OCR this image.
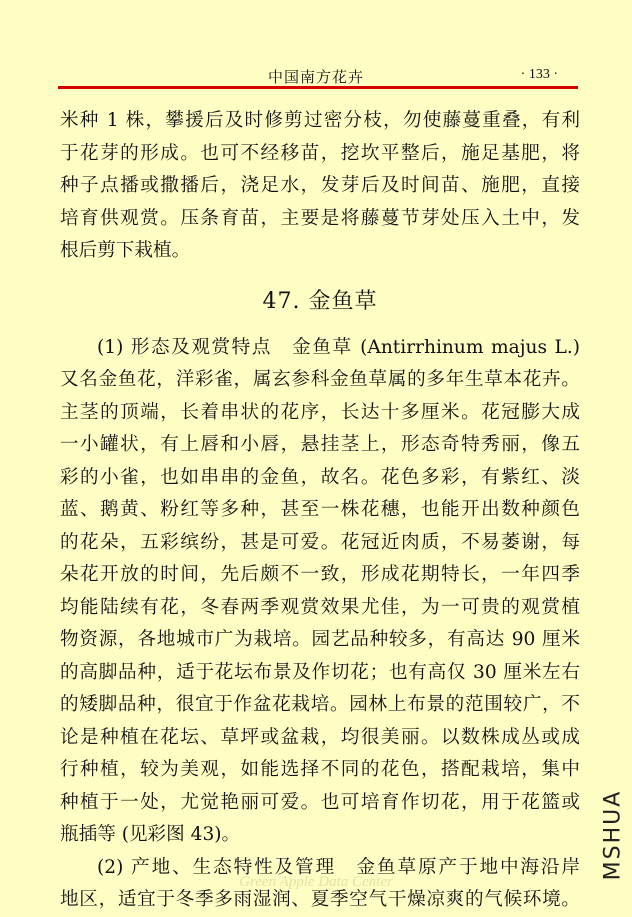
中国南方花卉	· 133 ·
米种 1 株，攀援后及时修剪过密分枝，勿使藤蔓重叠，有利
于花芽的形成。也可不经移苗，挖坎平整后，施足基肥，将
种子点播或撒播后，浇足水，发芽后及时间苗、施肥，直接
培育供观赏。压条育苗，主要是将藤蔓节芽处压入土中，发
根后剪下栽植。
47. 金鱼草
(1) 形态及观赏特点　金鱼草 (Antirrhinum majus L.)
又名金鱼花，洋彩雀，属玄参科金鱼草属的多年生草本花卉。
主茎的顶端，长着串状的花序，长达十多厘米。花冠膨大成
一小罐状，有上唇和小唇，悬挂茎上，形态奇特秀丽，像五
彩的小雀，也如串串的金鱼，故名。花色多彩，有紫红、淡
蓝、鹅黄、粉红等多种，甚至一株花穗，也能开出数种颜色
的花朵，五彩缤纷，甚是可爱。花冠近肉质，不易萎谢，每
朵花开放的时间，先后颇不一致，形成花期特长，一年四季
均能陆续有花，冬春两季观赏效果尤佳，为一可贵的观赏植
物资源，各地城市广为栽培。园艺品种较多，有高达 90 厘米
的高脚品种，适于花坛布景及作切花；也有高仅 30 厘米左右
的矮脚品种，很宜于作盆花栽培。园林上布景的范围较广，不
论是种植在花坛、草坪或盆栽，均很美丽。以数株成丛或成
行种植，较为美观，如能选择不同的花色，搭配栽培，集中
种植于一处，尤觉艳丽可爱。也可培育作切花，用于花篮或
瓶插等 (见彩图 43)。
(2) 产地、生态特性及管理　金鱼草原产于地中海沿岸
地区，适宜于冬季多雨湿润、夏季空气干燥凉爽的气候环境。
MSHUA
Green Apple Data Center
